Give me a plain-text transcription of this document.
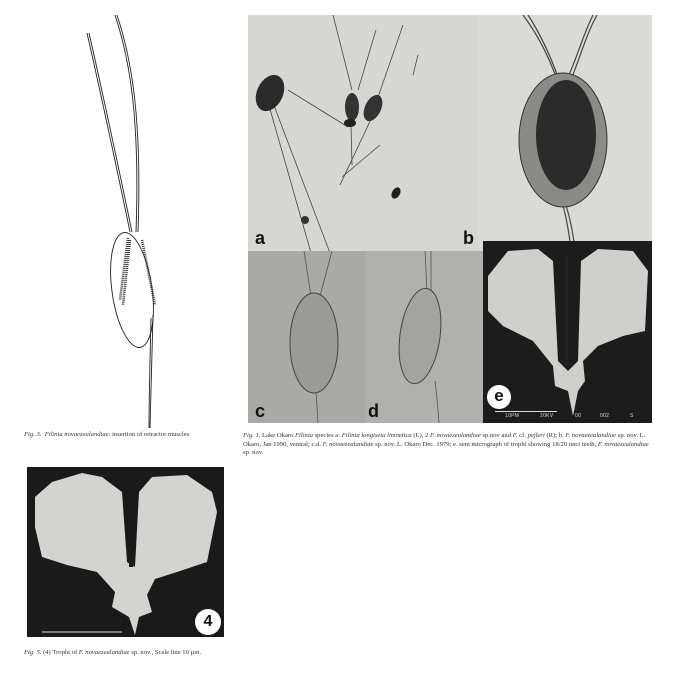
Fig. 3. Filinia novaezealandiae: insertion of retractor muscles
a	b
c	d
e
10PM	20KV	00	002	S
Fig. 1. Lake Okaro Filinia species a: Filinia longiseta limnetica (L), 2 F. novaezealandiae sp.nov and F. cf. pejleri (R); b. F. novaezealandiae sp. nov. L. Okaro, Jan 1990, ventral; c.d. F. novaezealandiae sp. nov. L. Okaro Dec. 1979; e. sem micrograph of trophi showing 18/20 unci teeth, F. novaezealandiae sp. nov.
4
Fig. 5. (4) Trophi of F. novaezealandiae sp. nov., Scale line 10 µm.
